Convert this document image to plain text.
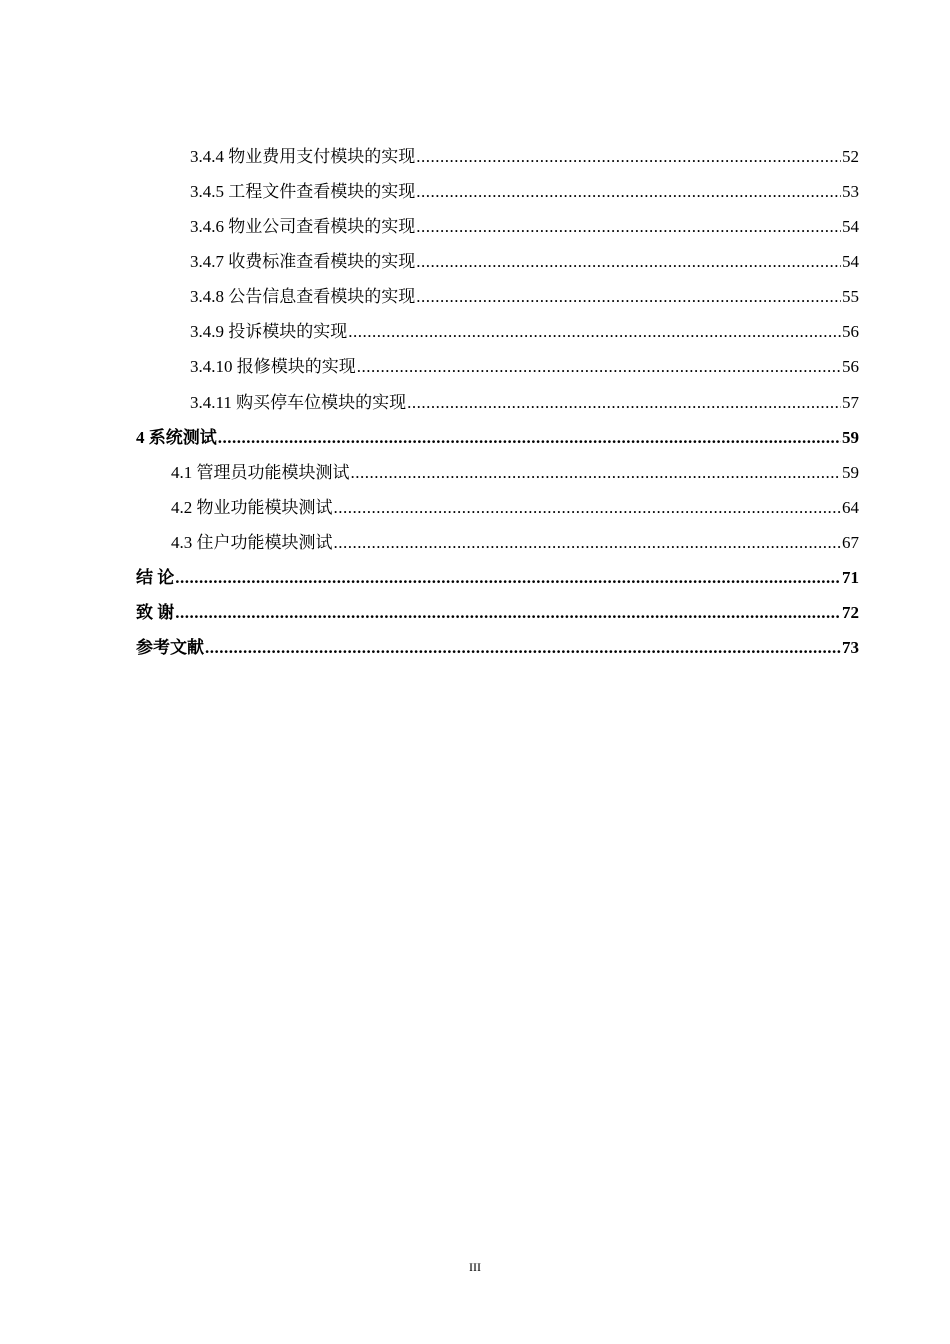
3.4.4 物业费用支付模块的实现 .....	52
3.4.5 工程文件查看模块的实现 .....	53
3.4.6 物业公司查看模块的实现 .....	54
3.4.7 收费标准查看模块的实现 .....	54
3.4.8 公告信息查看模块的实现 .....	55
3.4.9 投诉模块的实现 .....	56
3.4.10 报修模块的实现 .....	56
3.4.11 购买停车位模块的实现 .....	57
4 系统测试 .....	59
4.1 管理员功能模块测试 .....	59
4.2 物业功能模块测试 .....	64
4.3 住户功能模块测试 .....	67
结 论 .....	71
致 谢 .....	72
参考文献 .....	73
III
